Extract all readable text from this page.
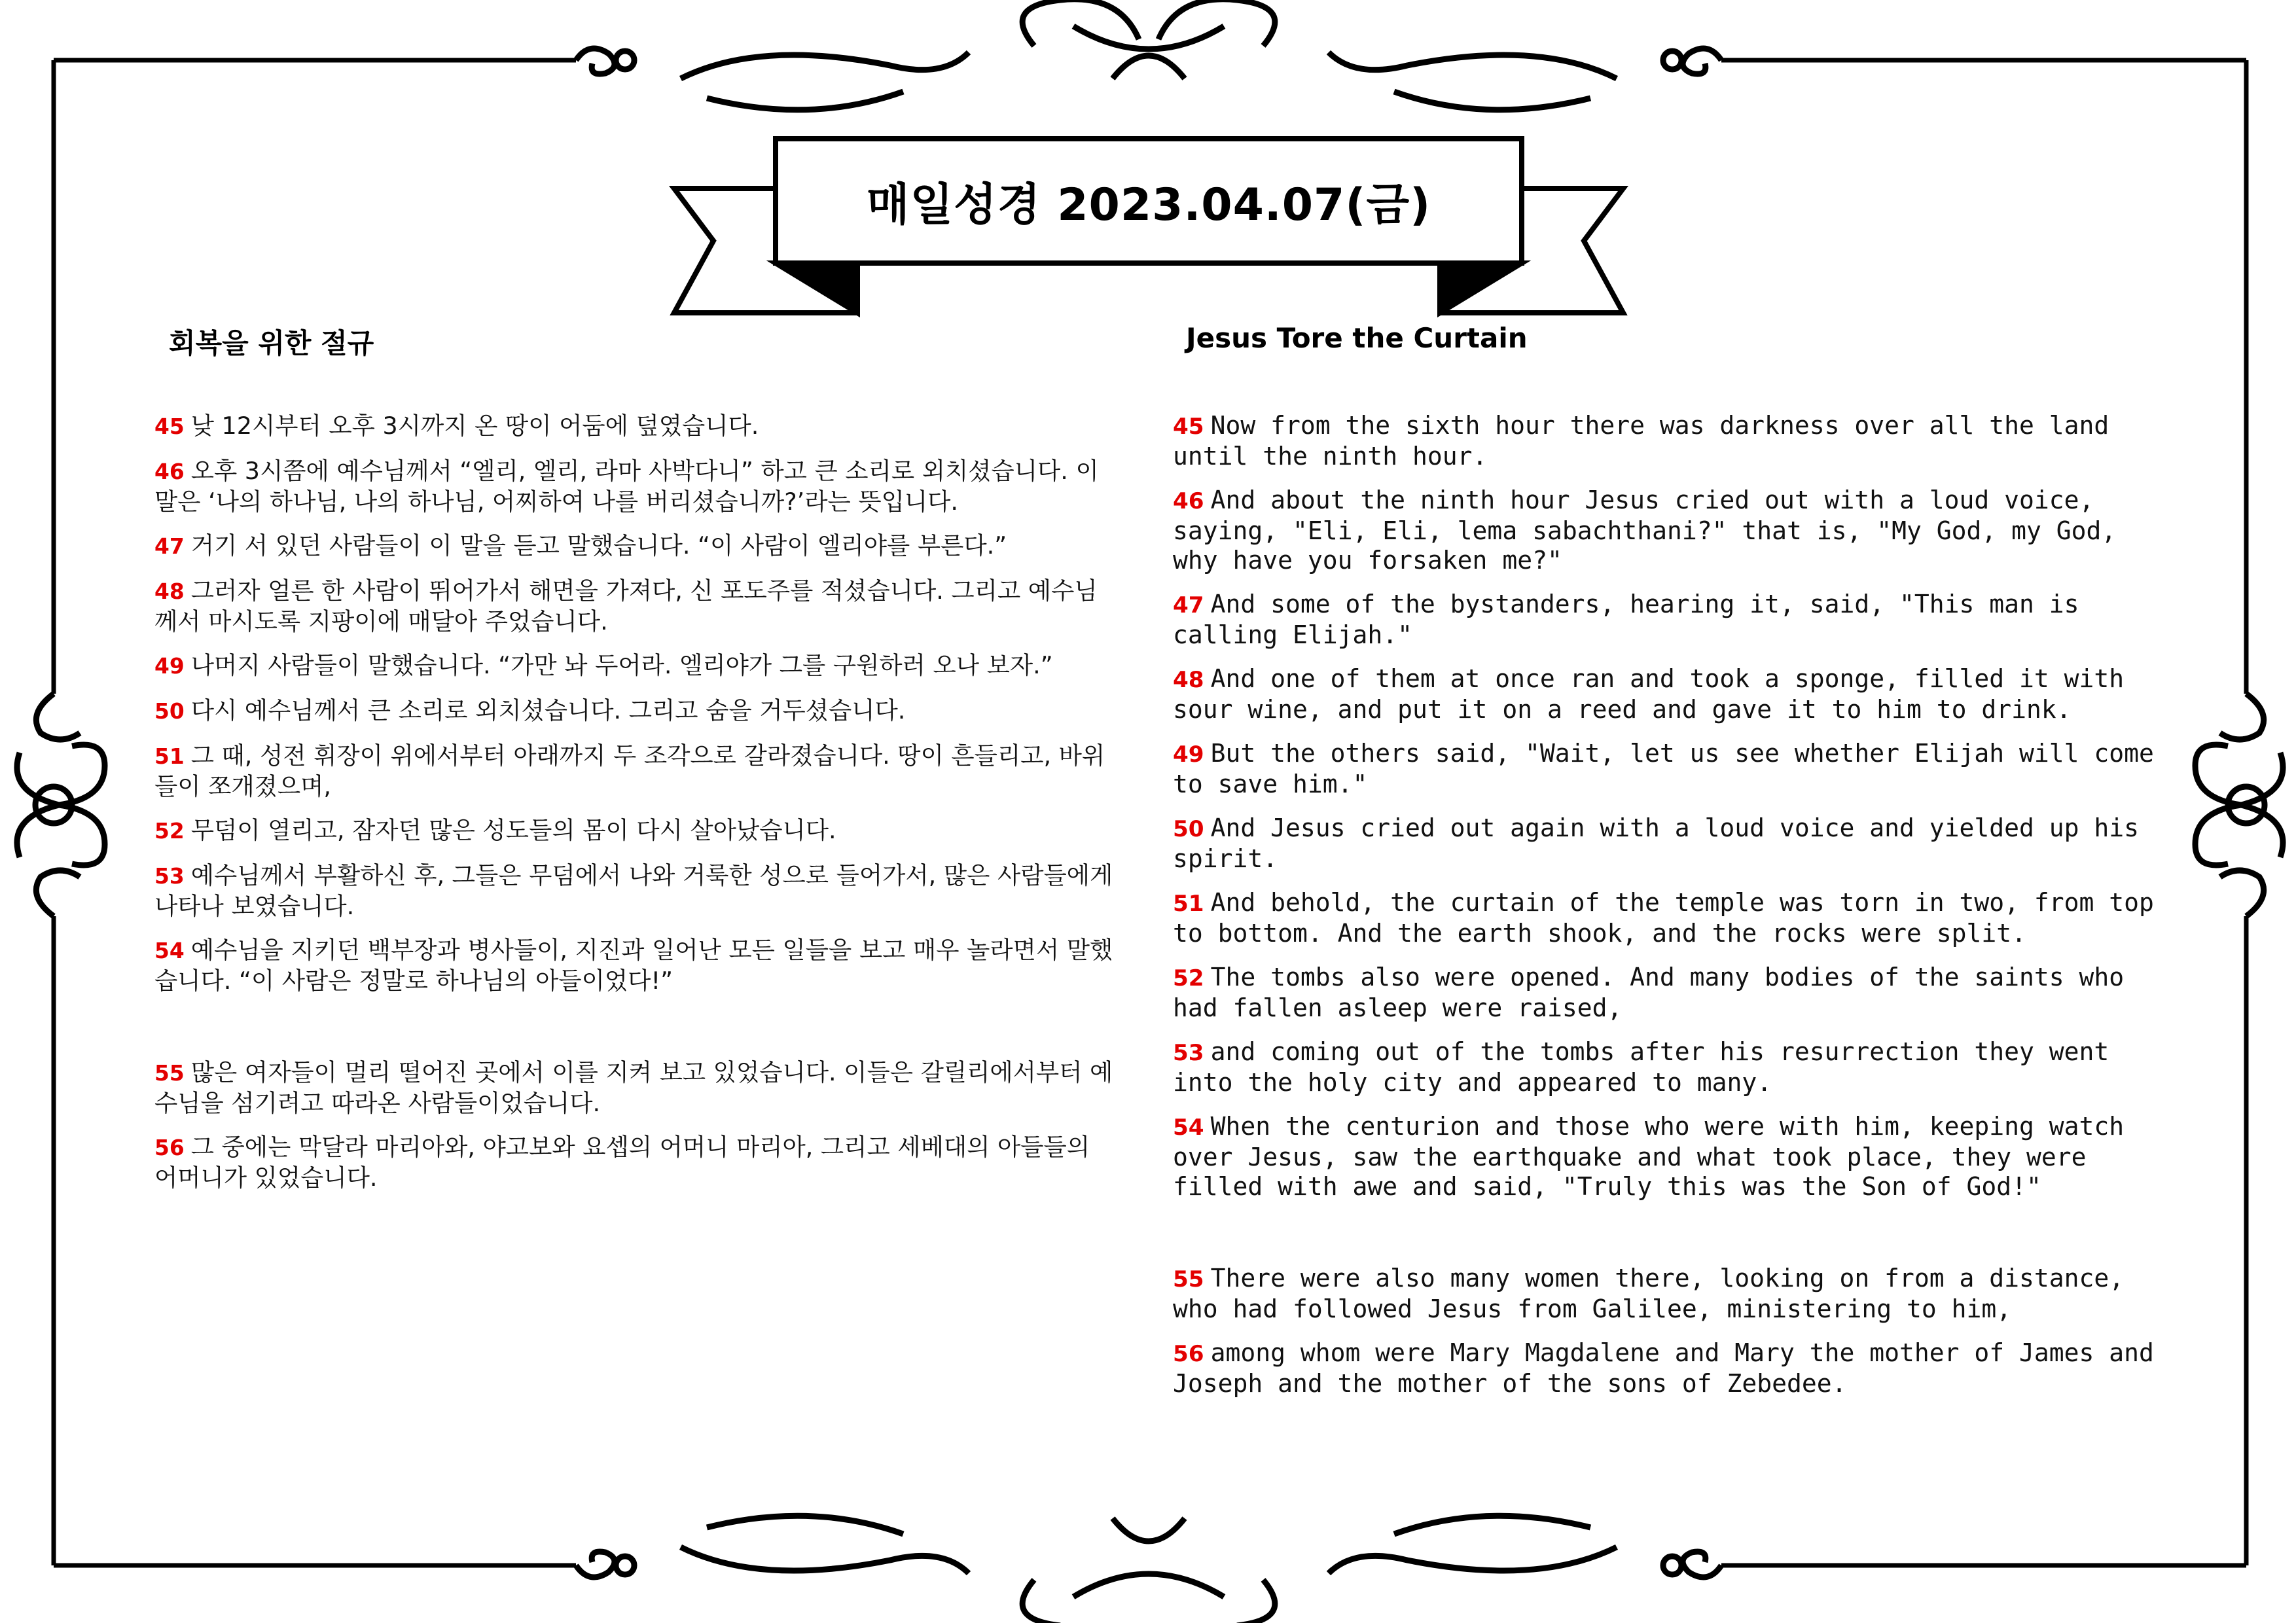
매일성경 2023.04.07(금)
회복을 위한 절규	Jesus Tore the Curtain

45 낮 12시부터 오후 3시까지 온 땅이 어둠에 덮였습니다.

46 오후 3시쯤에 예수님께서 “엘리, 엘리, 라마 사박다니” 하고 큰 소리로 외치셨습니다. 이 말은 ‘나의 하나님, 나의 하나님, 어찌하여 나를 버리셨습니까?’라는 뜻입니다.

47 거기 서 있던 사람들이 이 말을 듣고 말했습니다. “이 사람이 엘리야를 부른다.”

48 그러자 얼른 한 사람이 뛰어가서 해면을 가져다, 신 포도주를 적셨습니다. 그리고 예수님께서 마시도록 지팡이에 매달아 주었습니다.

49 나머지 사람들이 말했습니다. “가만 놔 두어라. 엘리야가 그를 구원하러 오나 보자.”

50 다시 예수님께서 큰 소리로 외치셨습니다. 그리고 숨을 거두셨습니다.

51 그 때, 성전 휘장이 위에서부터 아래까지 두 조각으로 갈라졌습니다. 땅이 흔들리고, 바위들이 쪼개졌으며,

52 무덤이 열리고, 잠자던 많은 성도들의 몸이 다시 살아났습니다.

53 예수님께서 부활하신 후, 그들은 무덤에서 나와 거룩한 성으로 들어가서, 많은 사람들에게 나타나 보였습니다.

54 예수님을 지키던 백부장과 병사들이, 지진과 일어난 모든 일들을 보고 매우 놀라면서 말했습니다. “이 사람은 정말로 하나님의 아들이었다!”

55 많은 여자들이 멀리 떨어진 곳에서 이를 지켜 보고 있었습니다. 이들은 갈릴리에서부터 예수님을 섬기려고 따라온 사람들이었습니다.

56 그 중에는 막달라 마리아와, 야고보와 요셉의 어머니 마리아, 그리고 세베대의 아들들의 어머니가 있었습니다.

45 Now from the sixth hour there was darkness over all the land until the ninth hour.

46 And about the ninth hour Jesus cried out with a loud voice, saying, "Eli, Eli, lema sabachthani?" that is, "My God, my God, why have you forsaken me?"

47 And some of the bystanders, hearing it, said, "This man is calling Elijah."

48 And one of them at once ran and took a sponge, filled it with sour wine, and put it on a reed and gave it to him to drink.

49 But the others said, "Wait, let us see whether Elijah will come to save him."

50 And Jesus cried out again with a loud voice and yielded up his spirit.

51 And behold, the curtain of the temple was torn in two, from top to bottom. And the earth shook, and the rocks were split.

52 The tombs also were opened. And many bodies of the saints who had fallen asleep were raised,

53 and coming out of the tombs after his resurrection they went into the holy city and appeared to many.

54 When the centurion and those who were with him, keeping watch over Jesus, saw the earthquake and what took place, they were filled with awe and said, "Truly this was the Son of God!"

55 There were also many women there, looking on from a distance, who had followed Jesus from Galilee, ministering to him,

56 among whom were Mary Magdalene and Mary the mother of James and Joseph and the mother of the sons of Zebedee.
